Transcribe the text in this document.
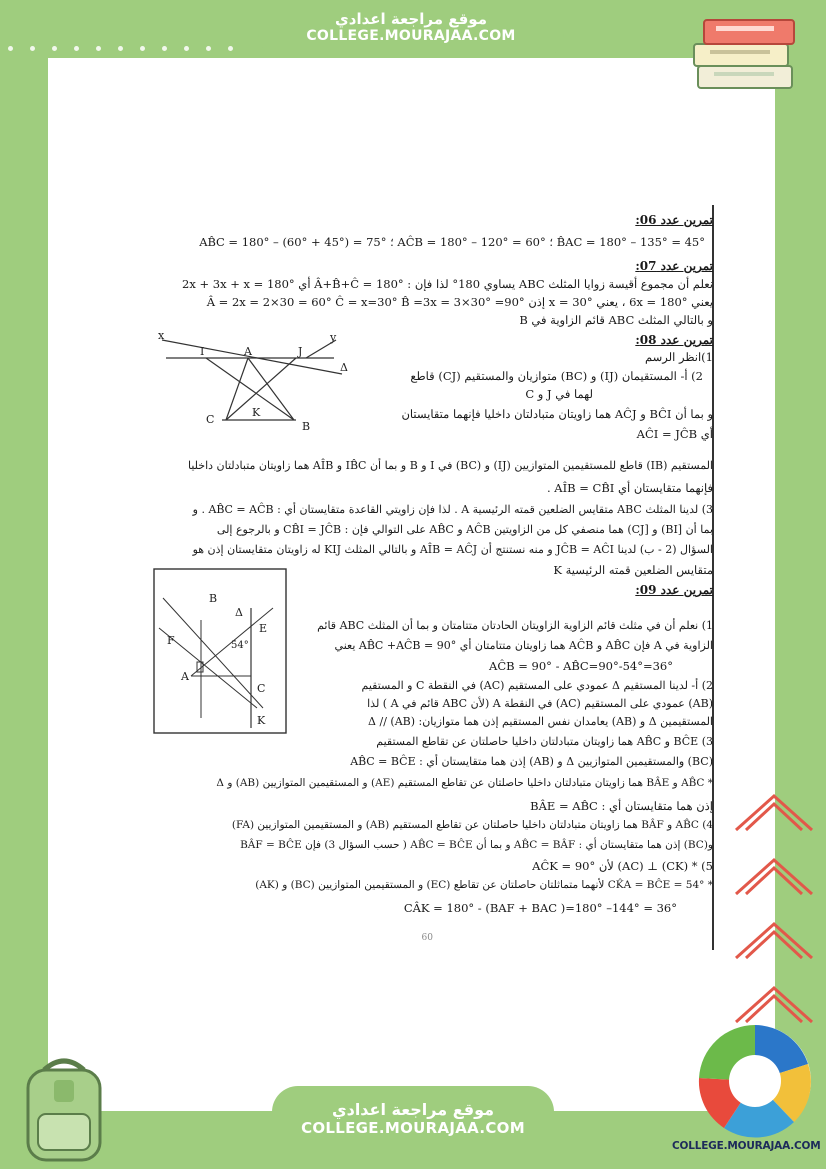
موقع مراجعة اعدادي
COLLEGE.MOURAJAA.COM
تمرين عدد 06:
AB̂C = 180° – (60° + 45°) = 75° ؛ AĈB = 180° – 120° = 60° ؛ B̂AC = 180° – 135° = 45°
تمرين عدد 07:
نعلم أن مجموع أقيسة زوايا المثلث ABC يساوي 180° لذا فإن : Â+B̂+Ĉ = 180° أي 2x + 3x + x = 180°
يعني 6x = 180° ، يعني x = 30° إذن Â = 2x = 2×30 = 60° Ĉ = x=30° B̂ =3x = 3×30° =90°
و بالتالي المثلث ABC قائم الزاوية في B
تمرين عدد 08:
1)انظر الرسم
2) أ- المستقيمان (IJ) و (BC) متوازيان والمستقيم (CJ) قاطع
لهما في J و C
و بما أن BĈI و AĈJ هما زاويتان متبادلتان داخليا فإنهما متقايستان
أي AĈI = JĈB
المستقيم (IB) قاطع للمستقيمين المتوازيين (IJ) و (BC) في I و B و بما أن IB̂C و AÎB هما زاويتان متبادلتان داخليا
فإنهما متقايستان أي AÎB = CB̂I .
3) لدينا المثلث ABC متقايس الضلعين قمته الرئيسية A . لذا فإن زاويتي القاعدة متقايستان أي : AB̂C = AĈB . و
بما أن [BI) و [CJ) هما منصفي كل من الزاويتين AĈB و AB̂C على التوالي فإن : CB̂I = JĈB و بالرجوع إلى
السؤال (2 - ب) لدينا JĈB = AĈI و منه نستنتج أن AÎB = AĈJ و بالتالي المثلث KIJ له زاويتان متقايستان إذن هو
متقايس الضلعين قمته الرئيسية K
تمرين عدد 09:
1) نعلم أن في مثلث قائم الزاوية الزاويتان الحادتان متتامتان و بما أن المثلث ABC قائم
الزاوية في A فإن AB̂C و AĈB هما زاويتان متتامتان أي AB̂C +AĈB = 90° يعني
AĈB = 90° - AB̂C=90°-54°=36°
2) أ- لدينا المستقيم Δ عمودي على المستقيم (AC) في النقطة C و المستقيم
(AB) عمودي على المستقيم (AC) في النقطة A (لأن ABC قائم في A ) لذا
المستقيمين Δ و (AB) يعامدان نفس المستقيم إذن هما متوازيان: Δ // (AB)
3) BĈE و AB̂C هما زاويتان متبادلتان داخليا حاصلتان عن تقاطع المستقيم
(BC) والمستقيمين المتوازيين Δ و (AB) إذن هما متقايستان أي : AB̂C = BĈE
* AB̂C و BÂE هما زاويتان متبادلتان داخليا حاصلتان عن تقاطع المستقيم (AE) و المستقيمين المتوازيين (AB) و Δ
إذن هما متقايستان أي : BÂE = AB̂C
4) AB̂C و BÂF هما زاويتان متبادلتان داخليا حاصلتان عن تقاطع المستقيم (AB) و المستقيمين المتوازيين (FA)
و(BC) إذن هما متقايستان أي : AB̂C = BÂF و بما أن AB̂C = BĈE ( حسب السؤال 3) فإن BÂF = BĈE
5) * (CK) ⊥ (AC) لأن AĈK = 90°
* CK̂A = BĈE = 54° لأنهما متماثلتان حاصلتان عن تقاطع (EC) و المستقيمين المتوازيين (BC) و (AK)
CÂK = 180° - (BAF + BAC )=180° –144° = 36°
60
x
I	A	J
y
Δ
C
K
B
B
Δ
E
54°
F
A
C
K
موقع مراجعة اعدادي
COLLEGE.MOURAJAA.COM
COLLEGE.MOURAJAA.COM
